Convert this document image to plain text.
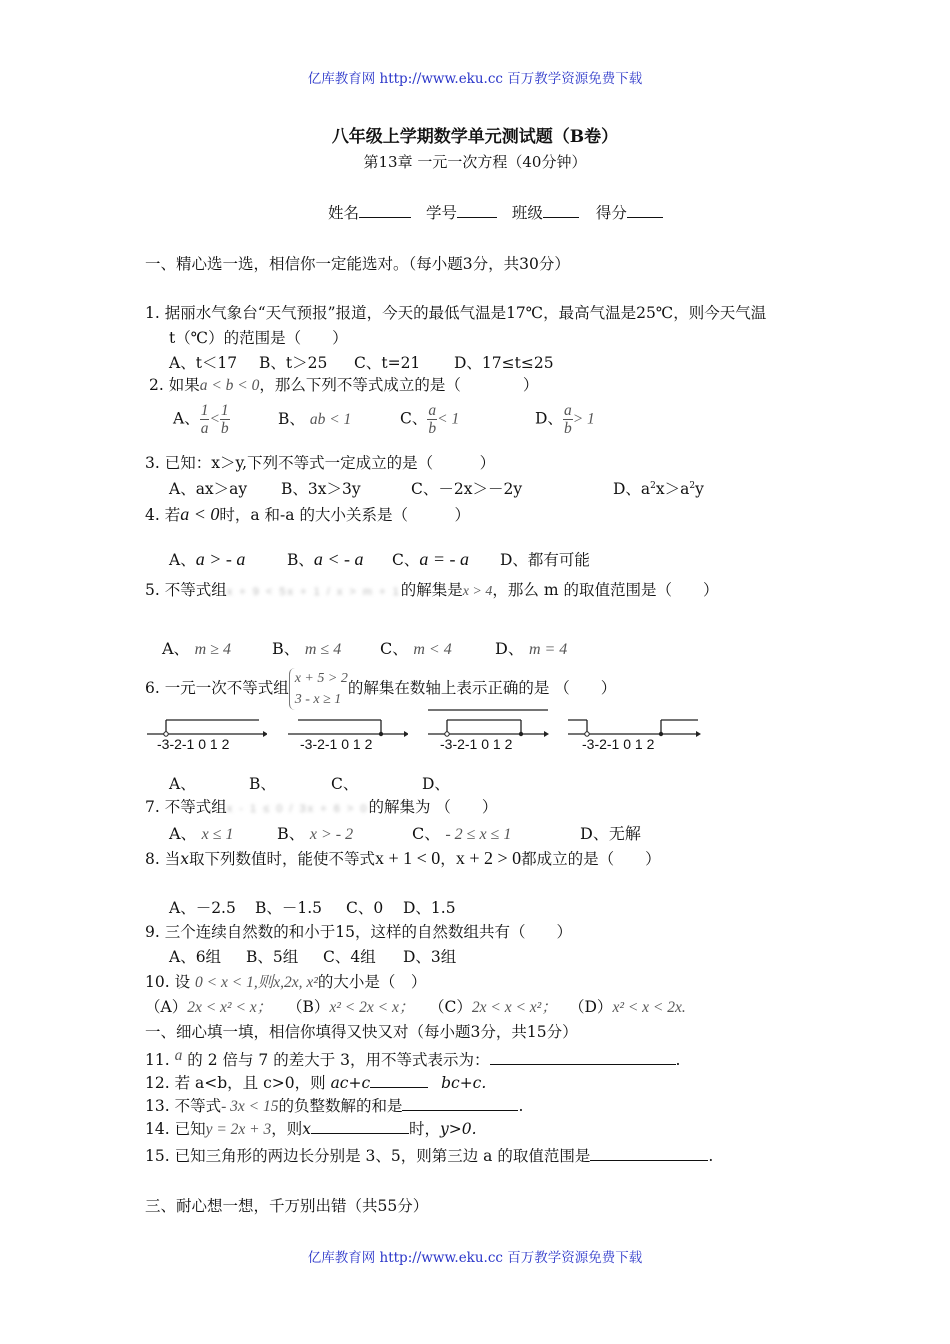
亿库教育网 http://www.eku.cc 百万教学资源免费下载
八年级上学期数学单元测试题（B卷）
第13章 一元一次方程（40分钟）
姓名	学号	班级	得分
一、精心选一选，相信你一定能选对。（每小题3分，共30分）
1. 据丽水气象台“天气预报”报道，今天的最低气温是17℃，最高气温是25℃，则今天气温
t（℃）的范围是（　　）
A、t＜17 B、t＞25 C、t=21 D、17≤t≤25
2. 如果a < b < 0，那么下列不等式成立的是（　　　　）
A、 $\frac{1}{a} < \frac{1}{b}$	B、 ab < 1	C、 $\frac{a}{b} < 1$	D、 $\frac{a}{b} > 1$
3. 已知：x＞y,下列不等式一定成立的是（　　　）
A、ax＞ay B、3x＞3y	C、－2x＞－2y	D、$a^2x>a^2y$
4. 若a < 0时，a 和-a 的大小关系是（　　　）
A、a > - a	B、a < - a C、a = - a D、都有可能
5. 不等式组x + 9 < 5x + 1 / x > m + 1的解集是x > 4，那么 m 的取值范围是（　　）
A、 m ≥ 4	B、 m ≤ 4 C、 m < 4	D、 m = 4
6. 一元一次不等式组x + 5 > 2
3 - x ≥ 1的解集在数轴上表示正确的是 （　　）
-3-2-1 0 1 2	-3-2-1 0 1 2	-3-2-1 0 1 2	-3-2-1 0 1 2
A、	B、	C、	D、
7. 不等式组x - 1 ≤ 0 / 3x + 6 > 0的解集为 （　　）
A、 x ≤ 1	B、 x > - 2	C、 - 2 ≤ x ≤ 1	D、无解
8. 当x取下列数值时，能使不等式x + 1 < 0，x + 2 > 0都成立的是（　　）
A、－2.5 B、－1.5 C、0 D、1.5
9. 三个连续自然数的和小于15，这样的自然数组共有（　　）
A、6组 B、5组 C、4组 D、3组
10. 设 0 < x < 1,则x,2x, x²的大小是（　）
（A）2x < x² < x； （B）x² < 2x < x； （C）2x < x < x²； （D）x² < x < 2x.
一、细心填一填，相信你填得又快又对（每小题3分，共15分）
11. a 的 2 倍与 7 的差大于 3，用不等式表示为：	.
12. 若 a<b，且 c>0，则 ac+c	bc+c.
13. 不等式- 3x < 15的负整数解的和是	.
14. 已知y = 2x + 3，则x	时，y>0.
15. 已知三角形的两边长分别是 3、5，则第三边 a 的取值范围是	.
三、耐心想一想，千万别出错（共55分）
亿库教育网 http://www.eku.cc 百万教学资源免费下载
